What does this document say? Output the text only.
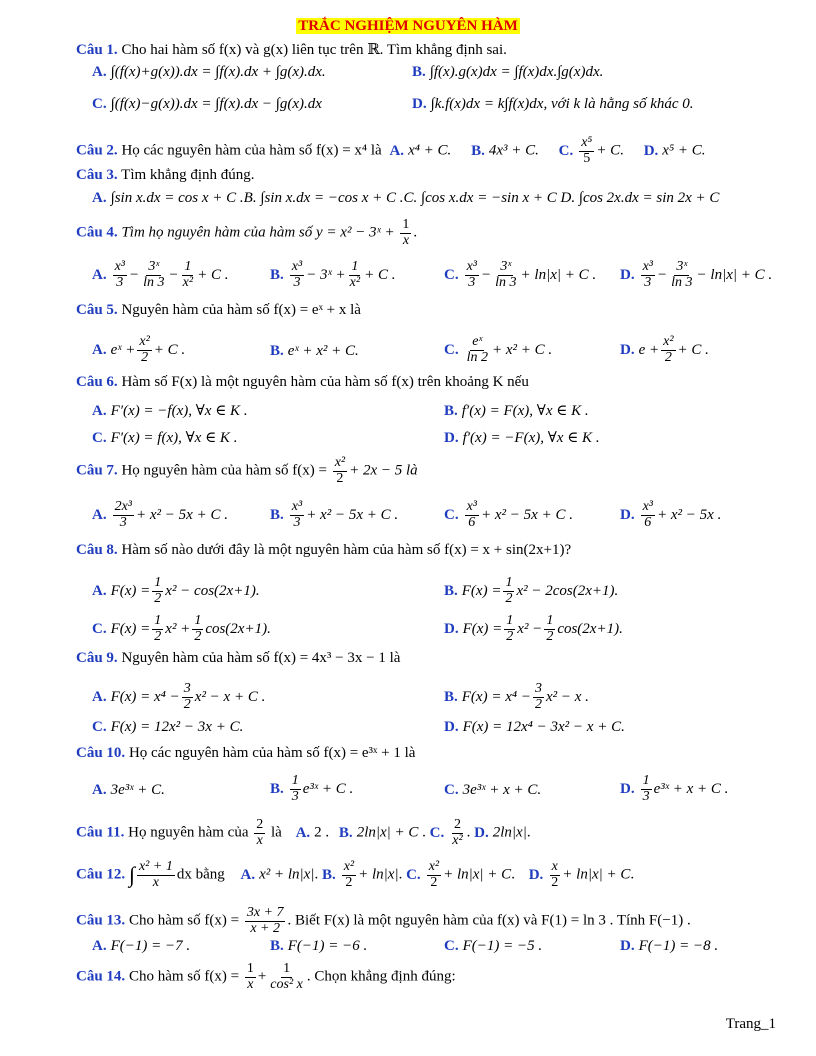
TRẮC NGHIỆM NGUYÊN HÀM
Câu 1. Cho hai hàm số f(x) và g(x) liên tục trên ℝ. Tìm khẳng định sai.
A. ∫(f(x)+g(x)).dx = ∫f(x).dx + ∫g(x).dx.	B. ∫f(x).g(x)dx = ∫f(x)dx.∫g(x)dx.
C. ∫(f(x)−g(x)).dx = ∫f(x).dx − ∫g(x).dx	D. ∫k.f(x)dx = k∫f(x)dx, với k là hằng số khác 0.
Câu 2. Họ các nguyên hàm của hàm số f(x) = x⁴ là A. x⁴ + C. B. 4x³ + C. C. $\frac{\text{x⁵}}{5} + C$. D. x⁵ + C.
Câu 3. Tìm khẳng định đúng.
A. ∫sin x.dx = cos x + C .B. ∫sin x.dx = −cos x + C .C. ∫cos x.dx = −sin x + C D. ∫cos 2x.dx = sin 2x + C
Câu 4. Tìm họ nguyên hàm của hàm số y = x² − 3ˣ + $\frac{1}{x}$ .
A. $\frac{\text{x³}}{3} - \frac{\text{3ˣ}}{\ln 3} - \frac{1}{\text{x²}} + C$ .	B. $\frac{\text{x³}}{3}$ − 3ˣ + $\frac{1}{\text{x²}} + C$ .	C. $\frac{\text{x³}}{3} - \frac{\text{3ˣ}}{\ln 3} + \ln|x| + C$ . D. $\frac{\text{x³}}{3} - \frac{\text{3ˣ}}{\ln 3} - \ln|x| + C$ .
Câu 5. Nguyên hàm của hàm số f(x) = eˣ + x là
A. eˣ + $\frac{\text{x²}}{2} + C$ .	B. eˣ + x² + C.	C. $\frac{\text{eˣ}}{\ln 2} + x^2 + C$ .	D. $e + \frac{\text{x²}}{2} + C$ .
Câu 6. Hàm số F(x) là một nguyên hàm của hàm số f(x) trên khoảng K nếu
A. F′(x) = −f(x), ∀x ∈ K .	B. f′(x) = F(x), ∀x ∈ K .
C. F′(x) = f(x), ∀x ∈ K .	D. f′(x) = −F(x), ∀x ∈ K .
Câu 7. Họ nguyên hàm của hàm số $f(x) = \frac{\text{x²}}{2} + 2x - 5$ là
A. $\frac{\text{2x³}}{3} + x^2 - 5x + C$ .	B. $\frac{\text{x³}}{3} + x^2 - 5x + C$ .	C. $\frac{\text{x³}}{6} + x^2 - 5x + C$ .	D. $\frac{\text{x³}}{6} + x^2 - 5x$ .
Câu 8. Hàm số nào dưới đây là một nguyên hàm của hàm số f(x) = x + sin(2x+1)?
A. $F(x) = \frac{1}{2} x^2 - \cos(2x+1)$.	B. $F(x) = \frac{1}{2} x^2 - 2\cos(2x+1)$.
C. $F(x) = \frac{1}{2} x^2 + \frac{1}{2} \cos(2x+1)$.	D. $F(x) = \frac{1}{2} x^2 - \frac{1}{2} \cos(2x+1)$.
Câu 9. Nguyên hàm của hàm số f(x) = 4x³ − 3x − 1 là
A. $F(x) = x^4 - \frac{3}{2} x^2 - x + C$ .	B. $F(x) = x^4 - \frac{3}{2} x^2 - x$ .
C. F(x) = 12x² − 3x + C.	D. F(x) = 12x⁴ − 3x² − x + C.
Câu 10. Họ các nguyên hàm của hàm số f(x) = e³ˣ + 1 là
A. 3e³ˣ + C.	B. $\frac{1}{3}$ e³ˣ + C .	C. 3e³ˣ + x + C.	D. $\frac{1}{3}$ e³ˣ + x + C .
Câu 11. Họ nguyên hàm của $\frac{2}{x}$ là A. 2 . B. 2ln|x| + C . C. $\frac{2}{\text{x²}}$ . D. 2ln|x|.
Câu 12. ∫ $\frac{\text{x² + 1}}{x}$ dx bằng A. x² + ln|x|. B. $\frac{\text{x²}}{2} + \ln|x|$. C. $\frac{\text{x²}}{2} + \ln|x| + C$. D. $\frac{x}{2} + \ln|x| + C$.
Câu 13. Cho hàm số $f(x) = \frac{3x + 7}{x + 2}$ . Biết F(x) là một nguyên hàm của f(x) và F(1) = ln 3 . Tính F(−1) .
A. F(−1) = −7 .	B. F(−1) = −6 .	C. F(−1) = −5 .	D. F(−1) = −8 .
Câu 14. Cho hàm số $f(x) = \frac{1}{x} + \frac{1}{\text{cos² x}}$ . Chọn khẳng định đúng:
Trang_1
